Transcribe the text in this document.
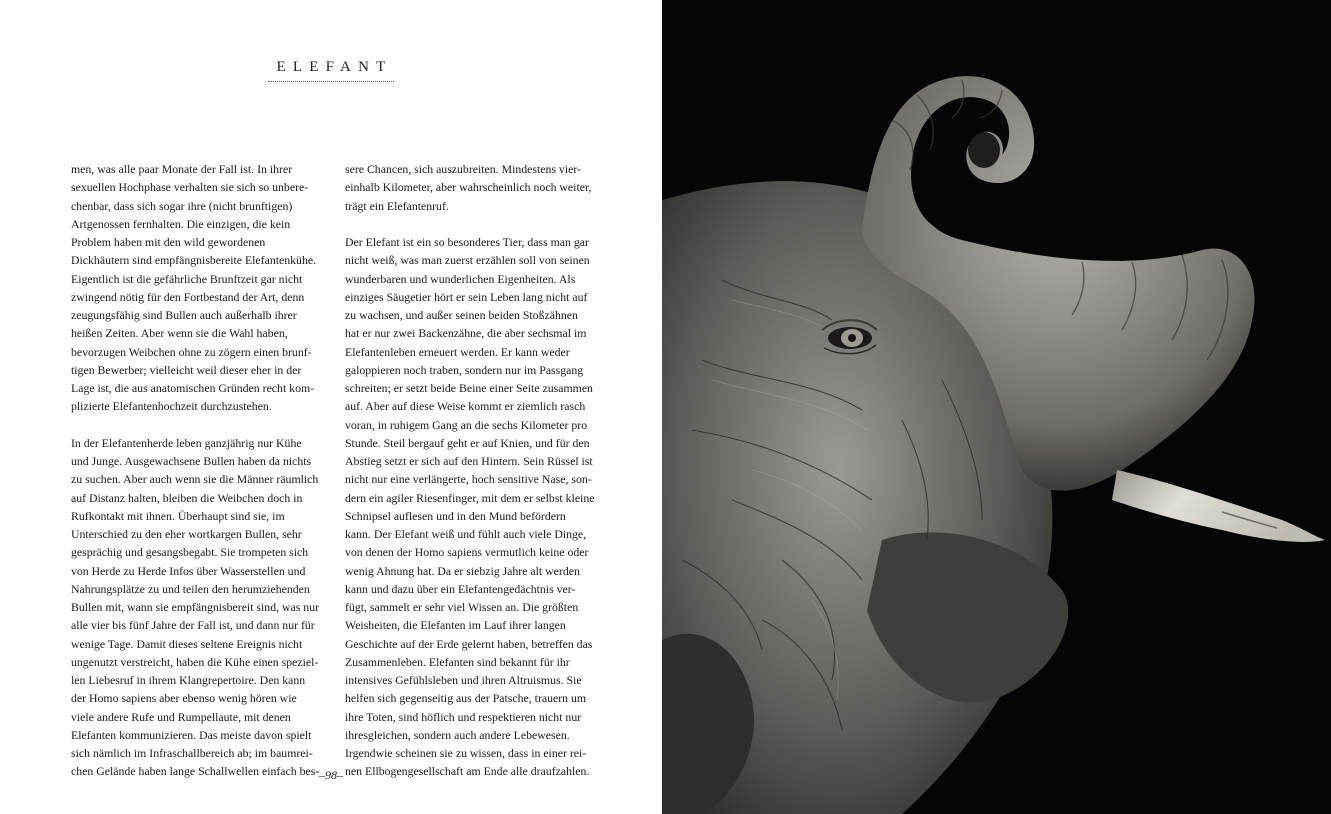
ELEFANT

men, was alle paar Monate der Fall ist. In ihrer
sexuellen Hochphase verhalten sie sich so unbere-
chenbar, dass sich sogar ihre (nicht brunftigen)
Artgenossen fernhalten. Die einzigen, die kein
Problem haben mit den wild gewordenen
Dickhäutern sind empfängnisbereite Elefantenkühe.
Eigentlich ist die gefährliche Brunftzeit gar nicht
zwingend nötig für den Fortbestand der Art, denn
zeugungsfähig sind Bullen auch außerhalb ihrer
heißen Zeiten. Aber wenn sie die Wahl haben,
bevorzugen Weibchen ohne zu zögern einen brunf-
tigen Bewerber; vielleicht weil dieser eher in der
Lage ist, die aus anatomischen Gründen recht kom-
plizierte Elefantenhochzeit durchzustehen.

In der Elefantenherde leben ganzjährig nur Kühe
und Junge. Ausgewachsene Bullen haben da nichts
zu suchen. Aber auch wenn sie die Männer räumlich
auf Distanz halten, bleiben die Weibchen doch in
Rufkontakt mit ihnen. Überhaupt sind sie, im
Unterschied zu den eher wortkargen Bullen, sehr
gesprächig und gesangsbegabt. Sie trompeten sich
von Herde zu Herde Infos über Wasserstellen und
Nahrungsplätze zu und teilen den herumziehenden
Bullen mit, wann sie empfängnisbereit sind, was nur
alle vier bis fünf Jahre der Fall ist, und dann nur für
wenige Tage. Damit dieses seltene Ereignis nicht
ungenutzt verstreicht, haben die Kühe einen speziel-
len Liebesruf in ihrem Klangrepertoire. Den kann
der Homo sapiens aber ebenso wenig hören wie
viele andere Rufe und Rumpellaute, mit denen
Elefanten kommunizieren. Das meiste davon spielt
sich nämlich im Infraschallbereich ab; im baumrei-
chen Gelände haben lange Schallwellen einfach bes-

sere Chancen, sich auszubreiten. Mindestens vier-
einhalb Kilometer, aber wahrscheinlich noch weiter,
trägt ein Elefantenruf.

Der Elefant ist ein so besonderes Tier, dass man gar
nicht weiß, was man zuerst erzählen soll von seinen
wunderbaren und wunderlichen Eigenheiten. Als
einziges Säugetier hört er sein Leben lang nicht auf
zu wachsen, und außer seinen beiden Stoßzähnen
hat er nur zwei Backenzähne, die aber sechsmal im
Elefantenleben erneuert werden. Er kann weder
galoppieren noch traben, sondern nur im Passgang
schreiten; er setzt beide Beine einer Seite zusammen
auf. Aber auf diese Weise kommt er ziemlich rasch
voran, in ruhigem Gang an die sechs Kilometer pro
Stunde. Steil bergauf geht er auf Knien, und für den
Abstieg setzt er sich auf den Hintern. Sein Rüssel ist
nicht nur eine verlängerte, hoch sensitive Nase, son-
dern ein agiler Riesenfinger, mit dem er selbst kleine
Schnipsel auflesen und in den Mund befördern
kann. Der Elefant weiß und fühlt auch viele Dinge,
von denen der Homo sapiens vermutlich keine oder
wenig Ahnung hat. Da er siebzig Jahre alt werden
kann und dazu über ein Elefantengedächtnis ver-
fügt, sammelt er sehr viel Wissen an. Die größten
Weisheiten, die Elefanten im Lauf ihrer langen
Geschichte auf der Erde gelernt haben, betreffen das
Zusammenleben. Elefanten sind bekannt für ihr
intensives Gefühlsleben und ihren Altruismus. Sie
helfen sich gegenseitig aus der Patsche, trauern um
ihre Toten, sind höflich und respektieren nicht nur
ihresgleichen, sondern auch andere Lebewesen.
Irgendwie scheinen sie zu wissen, dass in einer rei-
nen Ellbogengesellschaft am Ende alle draufzahlen.

–98–
